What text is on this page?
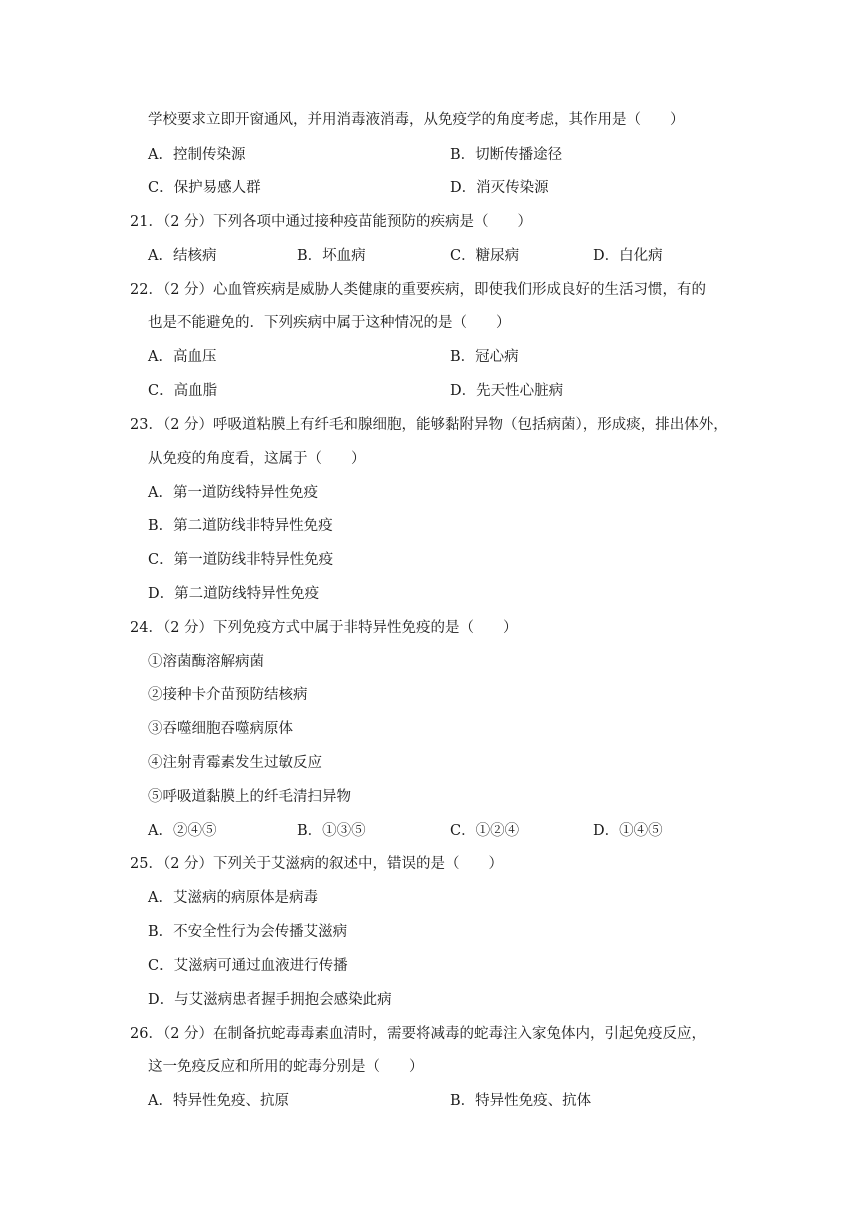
学校要求立即开窗通风，并用消毒液消毒，从免疫学的角度考虑，其作用是（　　）
A．控制传染源	B．切断传播途径
C．保护易感人群	D．消灭传染源
21．（2 分）下列各项中通过接种疫苗能预防的疾病是（　　）
A．结核病	B．坏血病	C．糖尿病	D．白化病
22．（2 分）心血管疾病是威胁人类健康的重要疾病，即使我们形成良好的生活习惯，有的
也是不能避免的．下列疾病中属于这种情况的是（　　）
A．高血压	B．冠心病
C．高血脂	D．先天性心脏病
23．（2 分）呼吸道粘膜上有纤毛和腺细胞，能够黏附异物（包括病菌），形成痰，排出体外，
从免疫的角度看，这属于（　　）
A．第一道防线特异性免疫
B．第二道防线非特异性免疫
C．第一道防线非特异性免疫
D．第二道防线特异性免疫
24．（2 分）下列免疫方式中属于非特异性免疫的是（　　）
①溶菌酶溶解病菌
②接种卡介苗预防结核病
③吞噬细胞吞噬病原体
④注射青霉素发生过敏反应
⑤呼吸道黏膜上的纤毛清扫异物
A．②④⑤	B．①③⑤	C．①②④	D．①④⑤
25．（2 分）下列关于艾滋病的叙述中，错误的是（　　）
A．艾滋病的病原体是病毒
B．不安全性行为会传播艾滋病
C．艾滋病可通过血液进行传播
D．与艾滋病患者握手拥抱会感染此病
26．（2 分）在制备抗蛇毒毒素血清时，需要将减毒的蛇毒注入家兔体内，引起免疫反应，
这一免疫反应和所用的蛇毒分别是（　　）
A．特异性免疫、抗原	B．特异性免疫、抗体
